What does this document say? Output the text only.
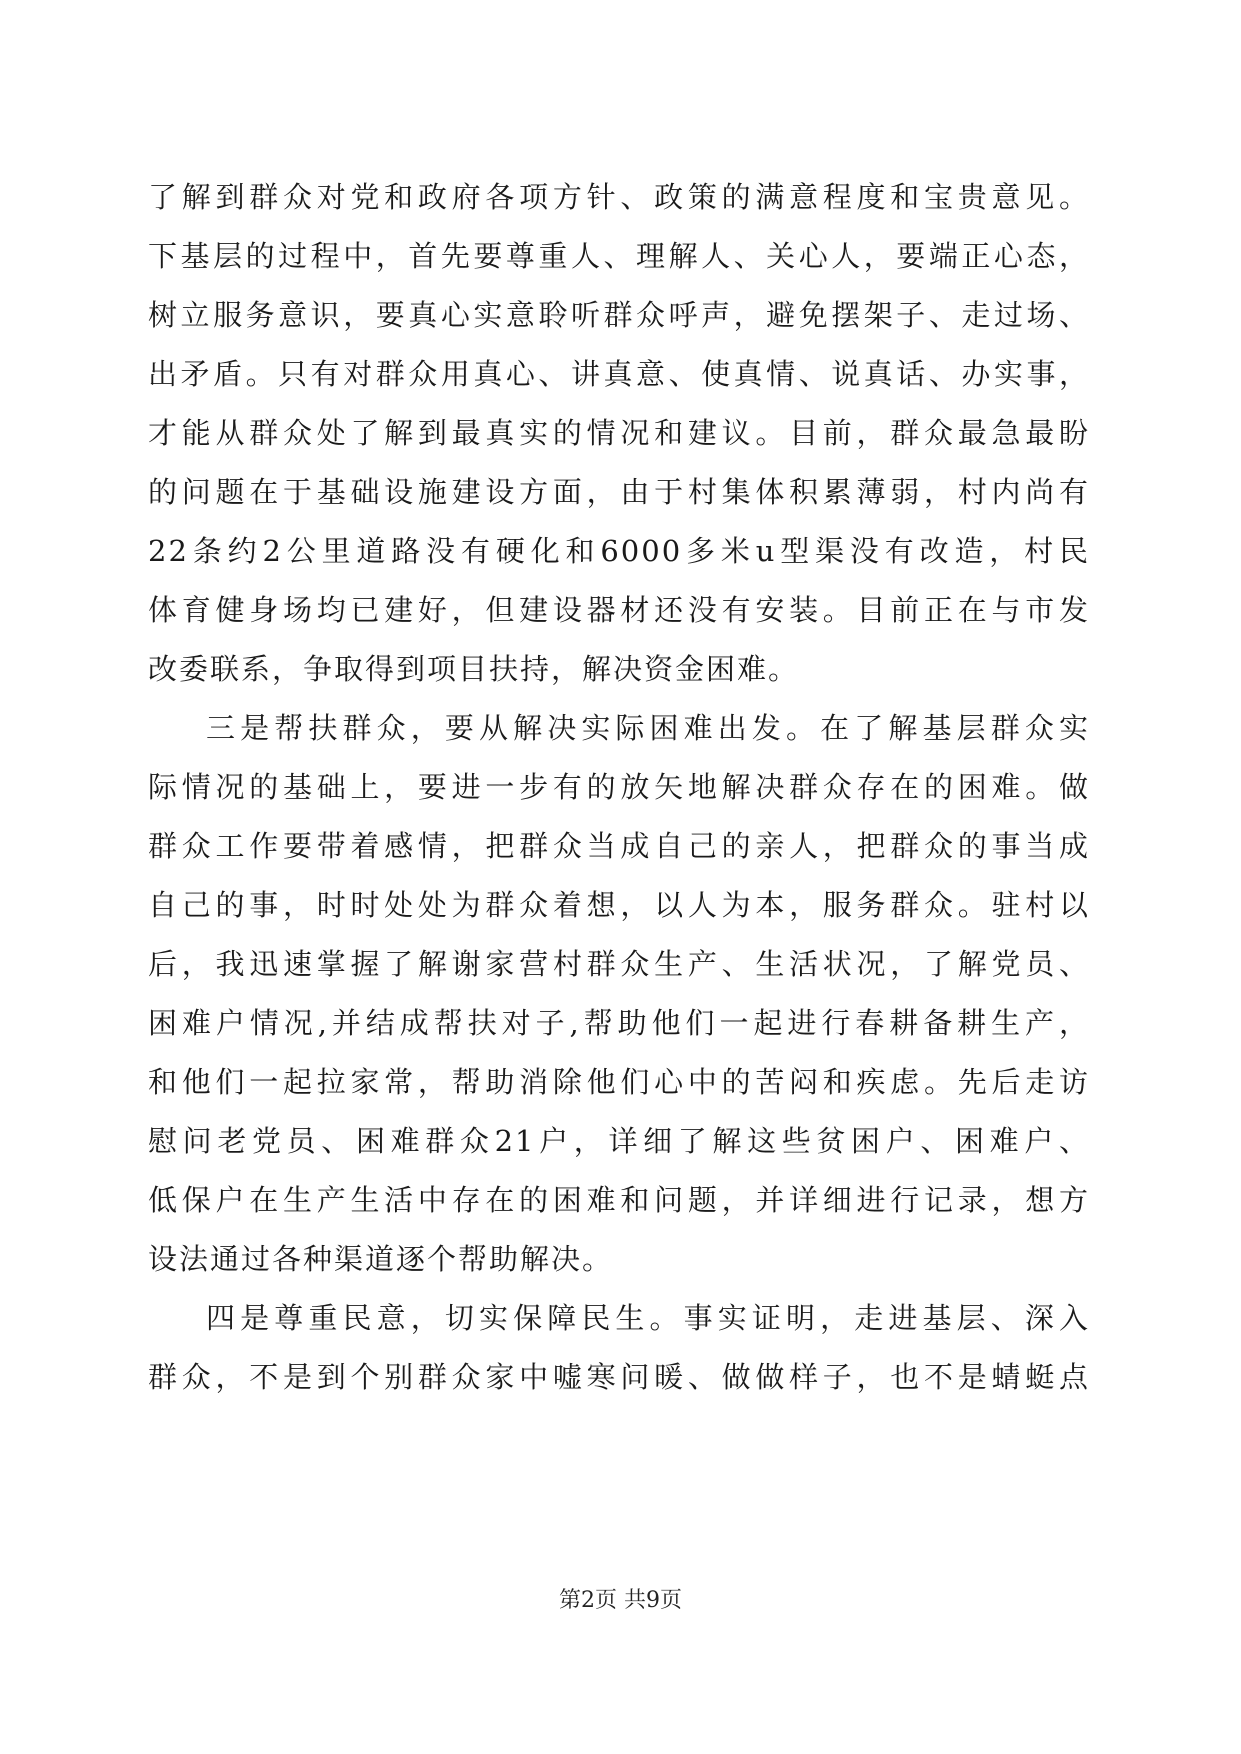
了解到群众对党和政府各项方针、政策的满意程度和宝贵意见。
下基层的过程中，首先要尊重人、理解人、关心人，要端正心态，
树立服务意识，要真心实意聆听群众呼声，避免摆架子、走过场、
出矛盾。只有对群众用真心、讲真意、使真情、说真话、办实事，
才能从群众处了解到最真实的情况和建议。目前，群众最急最盼
的问题在于基础设施建设方面，由于村集体积累薄弱，村内尚有
22条约2公里道路没有硬化和6000多米u型渠没有改造，村民
体育健身场均已建好，但建设器材还没有安装。目前正在与市发
改委联系，争取得到项目扶持，解决资金困难。
三是帮扶群众，要从解决实际困难出发。在了解基层群众实
际情况的基础上，要进一步有的放矢地解决群众存在的困难。做
群众工作要带着感情，把群众当成自己的亲人，把群众的事当成
自己的事，时时处处为群众着想，以人为本，服务群众。驻村以
后，我迅速掌握了解谢家营村群众生产、生活状况，了解党员、
困难户情况,并结成帮扶对子,帮助他们一起进行春耕备耕生产，
和他们一起拉家常，帮助消除他们心中的苦闷和疾虑。先后走访
慰问老党员、困难群众21户，详细了解这些贫困户、困难户、
低保户在生产生活中存在的困难和问题，并详细进行记录，想方
设法通过各种渠道逐个帮助解决。
四是尊重民意，切实保障民生。事实证明，走进基层、深入
群众，不是到个别群众家中嘘寒问暖、做做样子，也不是蜻蜓点
第2页 共9页
